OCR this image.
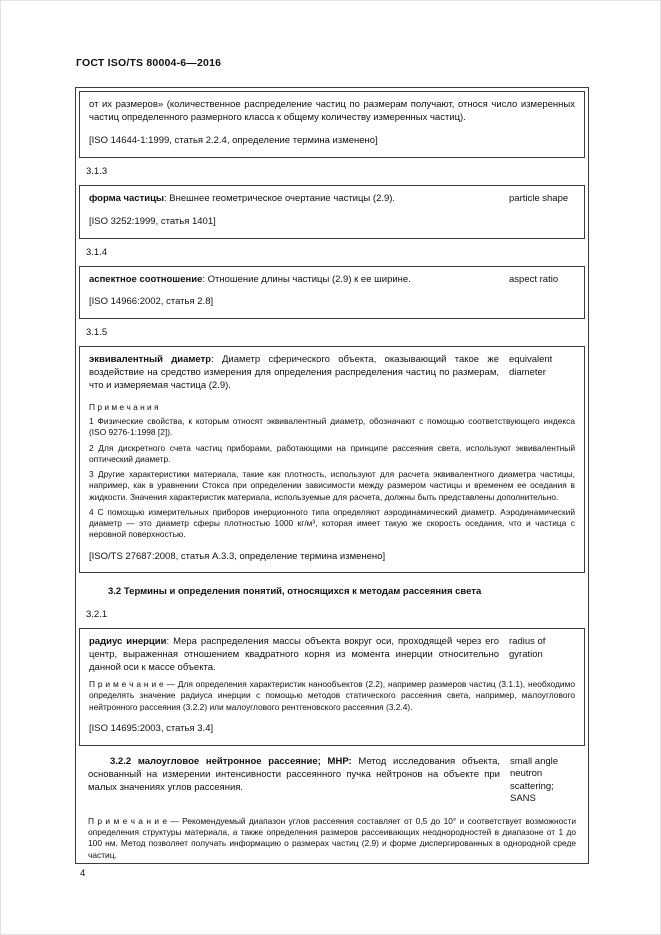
ГОСТ ISO/TS 80004-6—2016

от их размеров» (количественное распределение частиц по размерам получают, относя число измеренных частиц определенного размерного класса к общему количеству измеренных частиц).

[ISO 14644-1:1999, статья 2.2.4, определение термина изменено]

3.1.3

форма частицы: Внешнее геометрическое очертание частицы (2.9).	particle shape

[ISO 3252:1999, статья 1401]

3.1.4

аспектное соотношение: Отношение длины частицы (2.9) к ее ширине.	aspect ratio

[ISO 14966:2002, статья 2.8]

3.1.5

эквивалентный диаметр: Диаметр сферического объекта, оказывающий такое же воздействие на средство измерения для определения распределения частиц по размерам, что и измеряемая частица (2.9).

equivalent diameter

П р и м е ч а н и я

1 Физические свойства, к которым относят эквивалентный диаметр, обозначают с помощью соответствующего индекса (ISO 9276-1:1998 [2]).

2 Для дискретного счета частиц приборами, работающими на принципе рассеяния света, используют эквивалентный оптический диаметр.

3 Другие характеристики материала, такие как плотность, используют для расчета эквивалентного диаметра частицы, например, как в уравнении Стокса при определении зависимости между размером частицы и временем ее оседания в жидкости. Значения характеристик материала, используемые для расчета, должны быть представлены дополнительно.

4 С помощью измерительных приборов инерционного типа определяют аэродинамический диаметр. Аэродинамический диаметр — это диаметр сферы плотностью 1000 кг/м³, которая имеет такую же скорость оседания, что и частица с неровной поверхностью.

[ISO/TS 27687:2008, статья А.3.3, определение термина изменено]

3.2 Термины и определения понятий, относящихся к методам рассеяния света

3.2.1

радиус инерции: Мера распределения массы объекта вокруг оси, проходящей через его центр, выраженная отношением квадратного корня из момента инерции относительно данной оси к массе объекта.

radius of gyration

П р и м е ч а н и е — Для определения характеристик нанообъектов (2.2), например размеров частиц (3.1.1), необходимо определять значение радиуса инерции с помощью методов статического рассеяния света, например, малоуглового нейтронного рассеяния (3.2.2) или малоуглового рентгеновского рассеяния (3.2.4).

[ISO 14695:2003, статья 3.4]

3.2.2 малоугловое нейтронное рассеяние; МНР: Метод исследования объекта, основанный на измерении интенсивности рассеянного пучка нейтронов на объекте при малых значениях углов рассеяния.

small angle neutron scattering; SANS

П р и м е ч а н и е — Рекомендуемый диапазон углов рассеяния составляет от 0,5 до 10° и соответствует возможности определения структуры материала, а также определения размеров рассеивающих неоднородностей в диапазоне от 1 до 100 нм. Метод позволяет получать информацию о размерах частиц (2.9) и форме диспергированных в однородной среде частиц.

4
